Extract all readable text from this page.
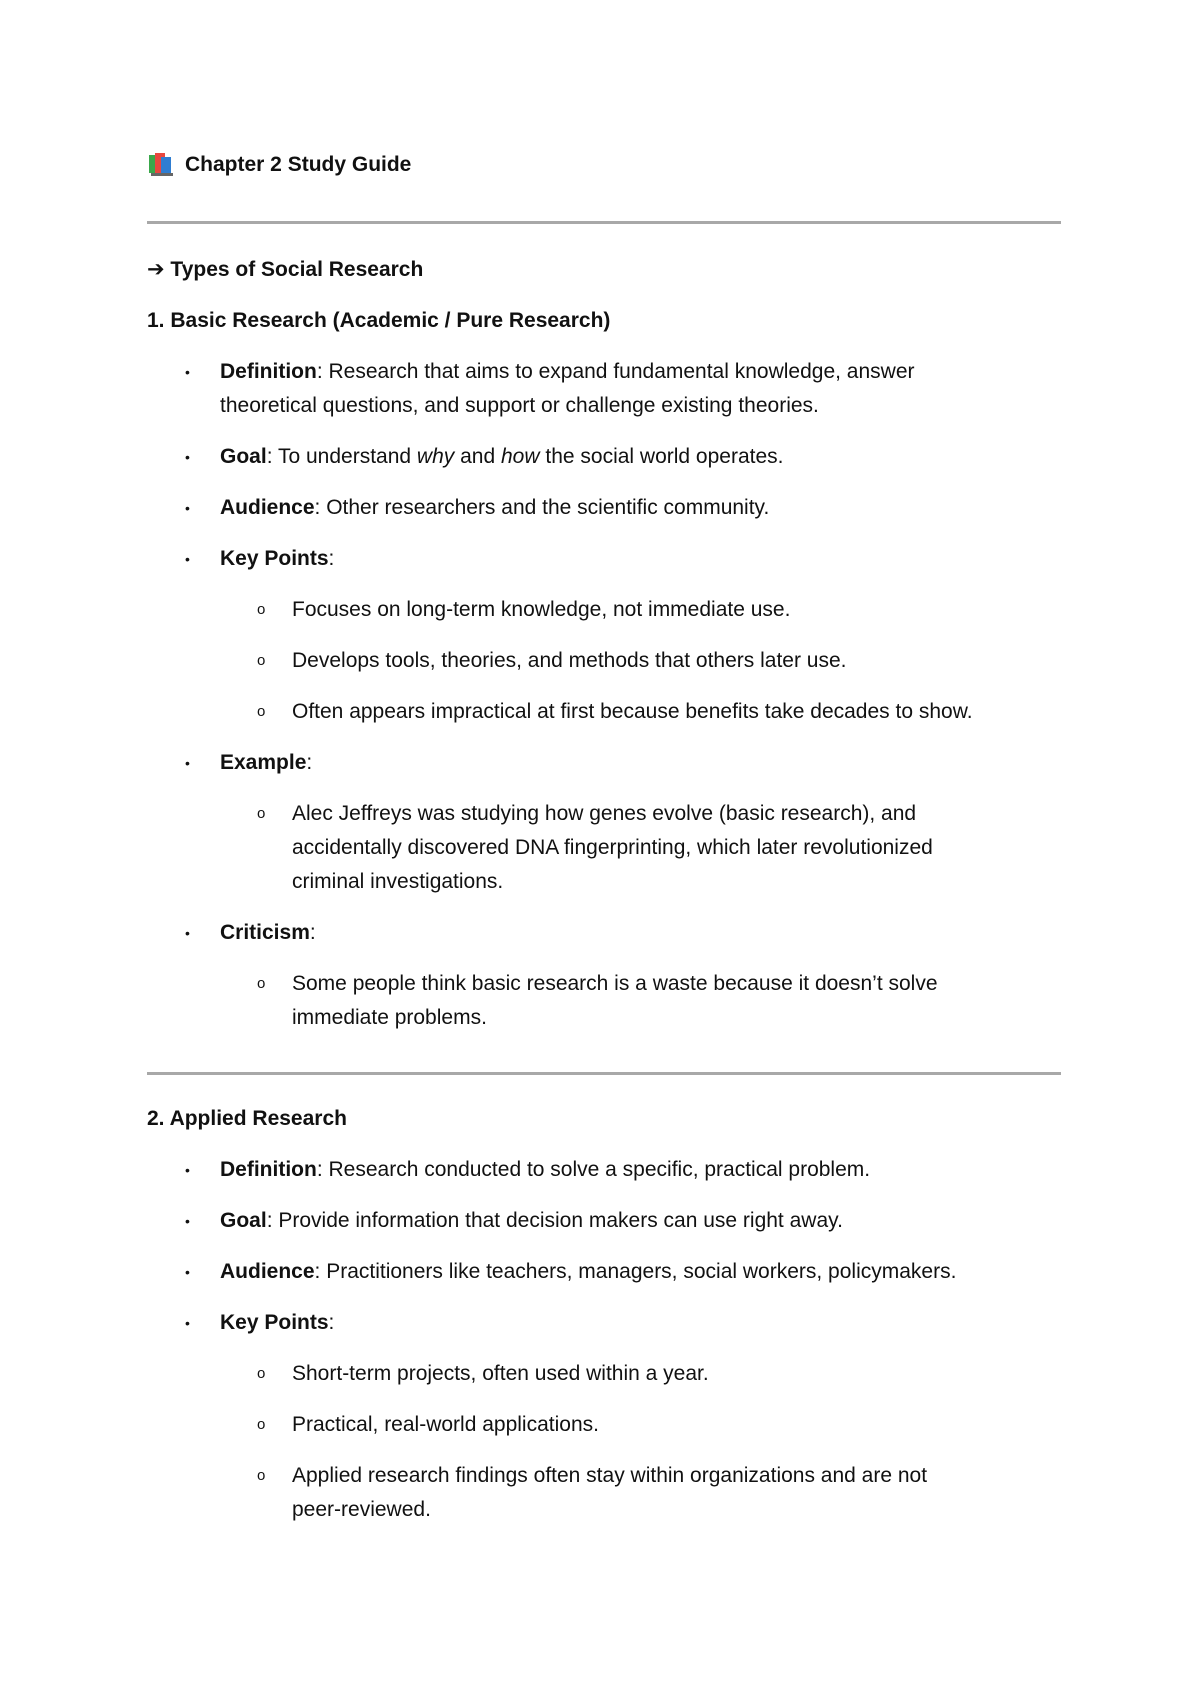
Chapter 2 Study Guide
➔ Types of Social Research
1. Basic Research (Academic / Pure Research)
• Definition: Research that aims to expand fundamental knowledge, answer
theoretical questions, and support or challenge existing theories.
• Goal: To understand why and how the social world operates.
• Audience: Other researchers and the scientific community.
• Key Points:
o Focuses on long-term knowledge, not immediate use.
o Develops tools, theories, and methods that others later use.
o Often appears impractical at first because benefits take decades to show.
• Example:
o Alec Jeffreys was studying how genes evolve (basic research), and
accidentally discovered DNA fingerprinting, which later revolutionized
criminal investigations.
• Criticism:
o Some people think basic research is a waste because it doesn’t solve
immediate problems.
2. Applied Research
• Definition: Research conducted to solve a specific, practical problem.
• Goal: Provide information that decision makers can use right away.
• Audience: Practitioners like teachers, managers, social workers, policymakers.
• Key Points:
o Short-term projects, often used within a year.
o Practical, real-world applications.
o Applied research findings often stay within organizations and are not
peer-reviewed.
